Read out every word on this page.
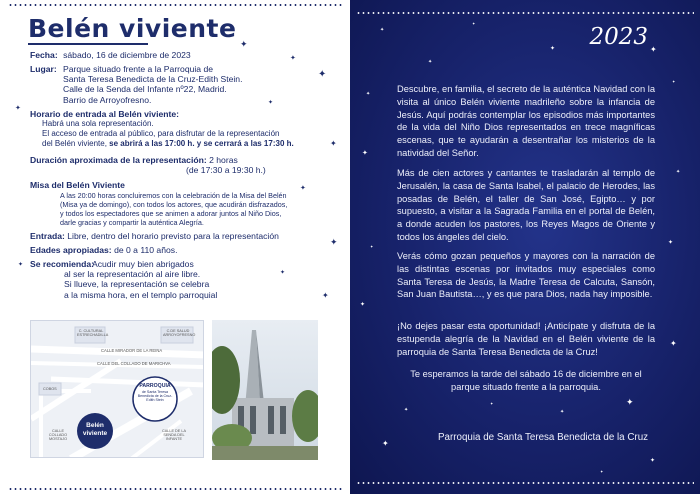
Belén viviente
✦
✦
✦
✦
✦
✦
✦
✦
✦
✦
✦
Fecha: sábado, 16 de diciembre de 2023
Lugar: Parque situado frente a la Parroquia de
Santa Teresa Benedicta de la Cruz-Edith Stein.
Calle de la Senda del Infante nº22, Madrid.
Barrio de Arroyofresno.
Horario de entrada al Belén viviente:
Habrá una sola representación.
El acceso de entrada al público, para disfrutar de la representación
del Belén viviente, se abrirá a las 17:00 h. y se cerrará a las 17:30 h.
Duración aproximada de la representación: 2 horas
(de 17:30 a 19:30 h.)
Misa del Belén Viviente
A las 20:00 horas concluiremos con la celebración de la Misa del Belén
(Misa ya de domingo), con todos los actores, que acudirán disfrazados,
y todos los espectadores que se animen a adorar juntos al Niño Dios,
darle gracias y compartir la auténtica Alegría.
Entrada: Libre, dentro del horario previsto para la representación
Edades apropiadas: de 0 a 110 años.
Se recomienda:
Acudir muy bien abrigados
al ser la representación al aire libre.
Si llueve, la representación se celebra
a la misma hora, en el templo parroquial
C. CULTURAL ESTRECHADILLA
C.DE SALUD ARROYOFRESNO
CALLE MIRADOR DE LA REINA
CALLE DEL COLLADO DE MARICHVA
COBOS
CALLE COLLADO MOSTAJO
CALLE DE LA SENDA DEL INFANTE
PARROQUIA
de Santa Teresa Benedicta de la Cruz-Edith Stein
Belén
viviente
2023
✦
✦
✦	✦
✦
✦
✦
✦
✦
✦
✦
✦
✦
✦
✦
✦
✦
✦
✦
✦
Descubre, en familia, el secreto de la auténtica Navidad con la visita al único Belén viviente madrileño sobre la infancia de Jesús. Aquí podrás contemplar los episodios más importantes de la vida del Niño Dios representados en trece magníficas escenas, que te ayudarán a desentrañar los misterios de la natividad del Señor.
Más de cien actores y cantantes te trasladarán al templo de Jerusalén, la casa de Santa Isabel, el palacio de Herodes, las posadas de Belén, el taller de San José, Egipto… y por supuesto, a visitar a la Sagrada Familia en el portal de Belén, a donde acuden los pastores, los Reyes Magos de Oriente y todos los ángeles del cielo.
Verás cómo gozan pequeños y mayores con la narración de las distintas escenas por invitados muy especiales como Santa Teresa de Jesús, la Madre Teresa de Calcuta, Sansón, San Juan Bautista…, y es que para Dios, nada hay imposible.
¡No dejes pasar esta oportunidad! ¡Anticípate y disfruta de la estupenda alegría de la Navidad en el Belén viviente de la parroquia de Santa Teresa Benedicta de la Cruz!
Te esperamos la tarde del sábado 16 de diciembre en el parque situado frente a la parroquia.
Parroquia de Santa Teresa Benedicta de la Cruz
